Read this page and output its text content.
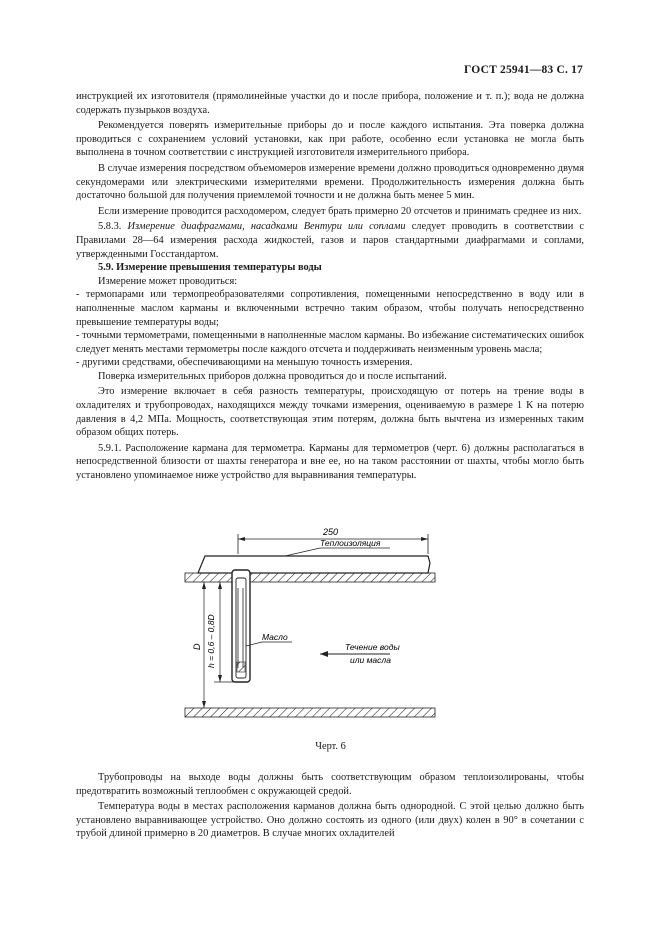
ГОСТ 25941—83 С. 17

инструкцией их изготовителя (прямолинейные участки до и после прибора, положение и т. п.); вода не должна содержать пузырьков воздуха.

Рекомендуется поверять измерительные приборы до и после каждого испытания. Эта поверка должна проводиться с сохранением условий установки, как при работе, особенно если установка не могла быть выполнена в точном соответствии с инструкцией изготовителя измерительного прибора.

В случае измерения посредством объемомеров измерение времени должно проводиться одновременно двумя секундомерами или электрическими измерителями времени. Продолжительность измерения должна быть достаточно большой для получения приемлемой точности и не должна быть менее 5 мин.

Если измерение проводится расходомером, следует брать примерно 20 отсчетов и принимать среднее из них.

5.8.3. Измерение диафрагмами, насадками Вентури или соплами следует проводить в соответствии с Правилами 28—64 измерения расхода жидкостей, газов и паров стандартными диафрагмами и соплами, утвержденными Госстандартом.

5.9. Измерение превышения температуры воды

Измерение может проводиться:

- термопарами или термопреобразователями сопротивления, помещенными непосредственно в воду или в наполненные маслом карманы и включенными встречно таким образом, чтобы получать непосредственно превышение температуры воды;

- точными термометрами, помещенными в наполненные маслом карманы. Во избежание систематических ошибок следует менять местами термометры после каждого отсчета и поддерживать неизменным уровень масла;

- другими средствами, обеспечивающими на меньшую точность измерения.

Поверка измерительных приборов должна проводиться до и после испытаний.

Это измерение включает в себя разность температуры, происходящую от потерь на трение воды в охладителях и трубопроводах, находящихся между точками измерения, оцениваемую в размере 1 К на потерю давления в 4,2 МПа. Мощность, соответствующая этим потерям, должна быть вычтена из измеренных таким образом общих потерь.

5.9.1. Расположение кармана для термометра. Карманы для термометров (черт. 6) должны располагаться в непосредственной близости от шахты генератора и вне ее, но на таком расстоянии от шахты, чтобы могло быть установлено упоминаемое ниже устройство для выравнивания температуры.

250
Теплоизоляция
Масло
h = 0,6 – 0,8D
D	Течение воды
или масла
Черт. 6

Трубопроводы на выходе воды должны быть соответствующим образом теплоизолированы, чтобы предотвратить возможный теплообмен с окружающей средой.

Температура воды в местах расположения карманов должна быть однородной. С этой целью должно быть установлено выравнивающее устройство. Оно должно состоять из одного (или двух) колен в 90° в сочетании с трубой длиной примерно в 20 диаметров. В случае многих охладителей
